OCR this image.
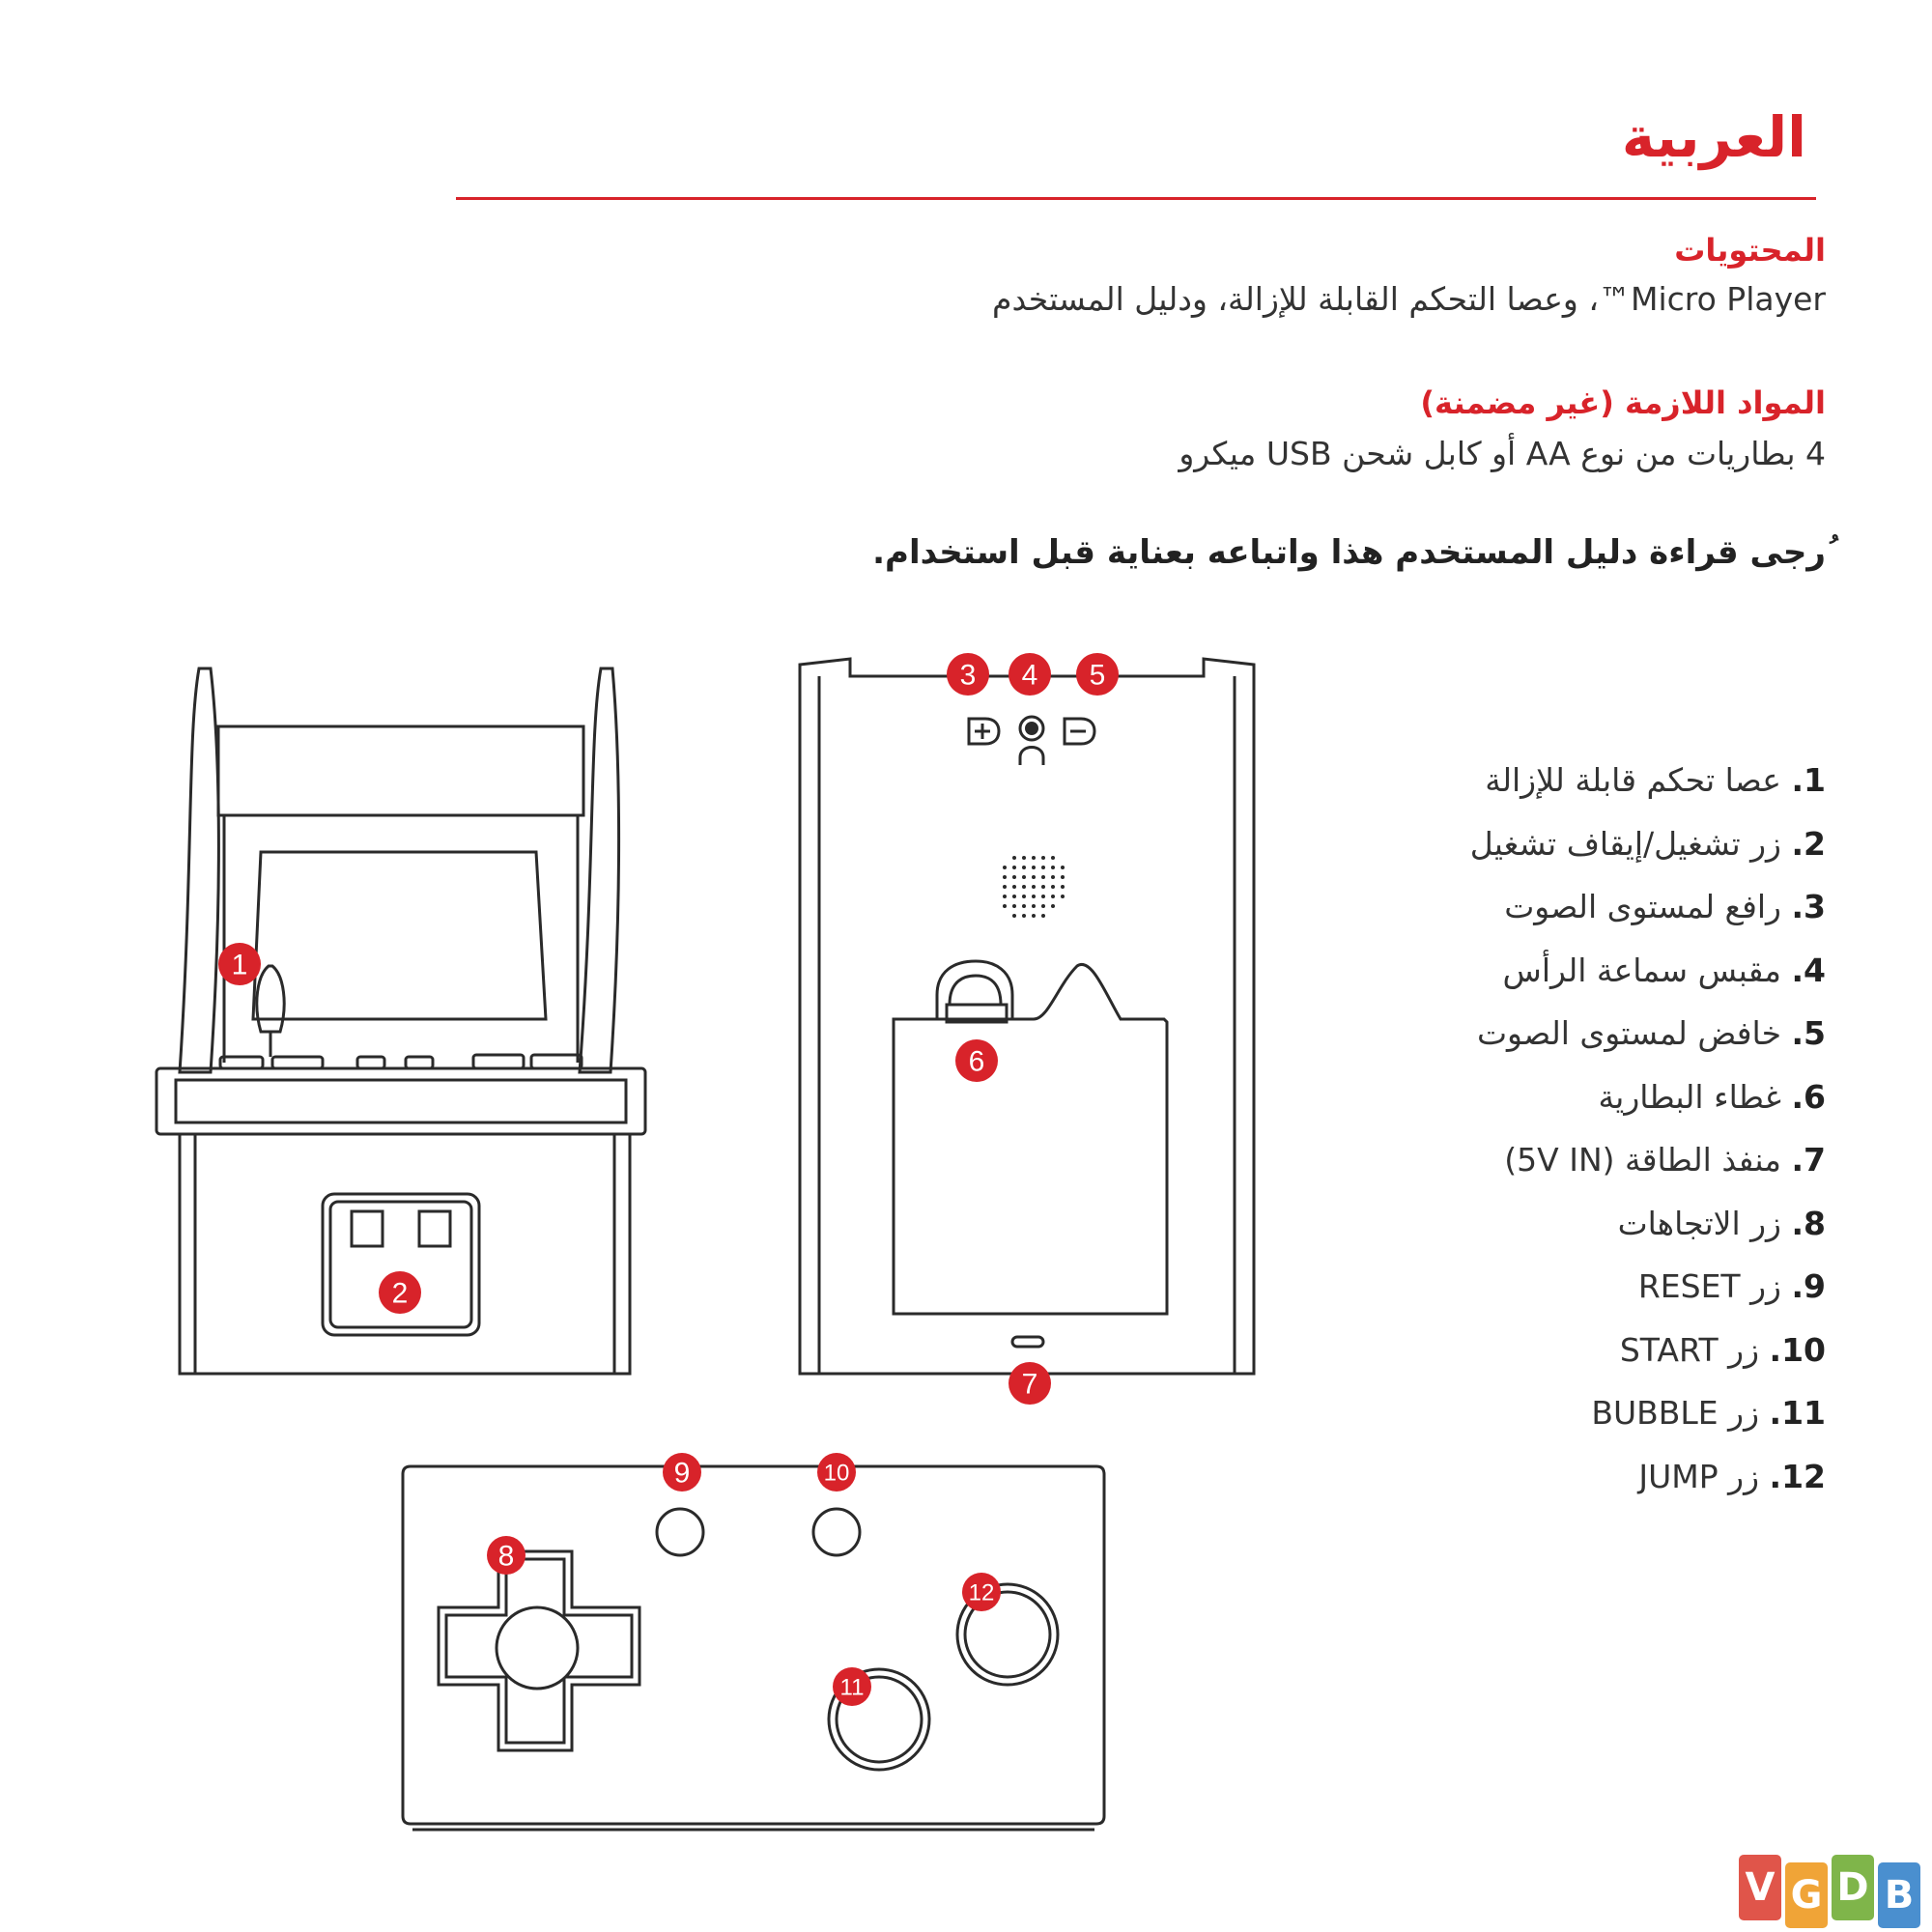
العربية
المحتويات
Micro Player™، وعصا التحكم القابلة للإزالة، ودليل المستخدم
المواد اللازمة (غير مضمنة)
4 بطاريات من نوع AA أو كابل شحن USB ميكرو
ُرجى قراءة دليل المستخدم هذا واتباعه بعناية قبل استخدام.
1. عصا تحكم قابلة للإزالة
2. زر تشغيل/إيقاف تشغيل
3. رافع لمستوى الصوت
4. مقبس سماعة الرأس
5. خافض لمستوى الصوت
6. غطاء البطارية
7. منفذ الطاقة (5V IN)
8. زر الاتجاهات
9. زر RESET
10. زر START
11. زر BUBBLE
12. زر JUMP
1
2
3 4 5
6
7
8
9	10
11
12
V G D B
